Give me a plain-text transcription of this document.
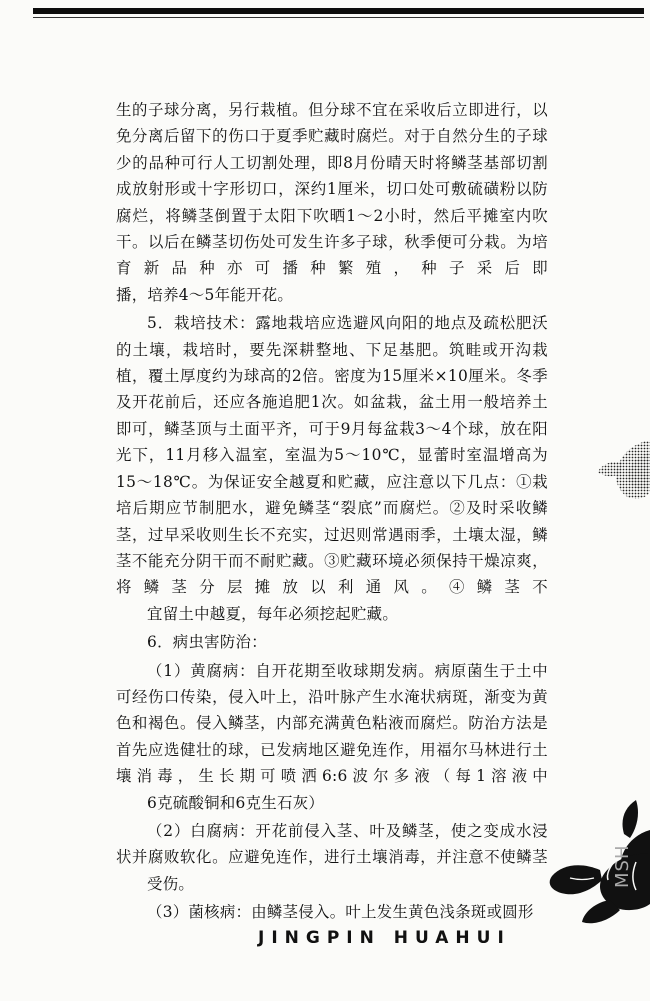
生的子球分离，另行栽植。但分球不宜在采收后立即进行，以免分离后留下的伤口于夏季贮藏时腐烂。对于自然分生的子球少的品种可行人工切割处理，即8月份晴天时将鳞茎基部切割成放射形或十字形切口，深约1厘米，切口处可敷硫磺粉以防腐烂，将鳞茎倒置于太阳下吹晒1～2小时，然后平摊室内吹干。以后在鳞茎切伤处可发生许多子球，秋季便可分栽。为培育新品种亦可播种繁殖，种子采后即
播，培养4～5年能开花。

5．栽培技术：露地栽培应选避风向阳的地点及疏松肥沃的土壤，栽培时，要先深耕整地、下足基肥。筑畦或开沟栽植，覆土厚度约为球高的2倍。密度为15厘米×10厘米。冬季及开花前后，还应各施追肥1次。如盆栽，盆土用一般培养土即可，鳞茎顶与土面平齐，可于9月每盆栽3～4个球，放在阳光下，11月移入温室，室温为5～10℃，显蕾时室温增高为15～18℃。为保证安全越夏和贮藏，应注意以下几点：①栽培后期应节制肥水，避免鳞茎“裂底”而腐烂。②及时采收鳞茎，过早采收则生长不充实，过迟则常遇雨季，土壤太湿，鳞茎不能充分阴干而不耐贮藏。③贮藏环境必须保持干燥凉爽，将鳞茎分层摊放以利通风。④鳞茎不
宜留土中越夏，每年必须挖起贮藏。

6．病虫害防治：

（1）黄腐病：自开花期至收球期发病。病原菌生于土中可经伤口传染，侵入叶上，沿叶脉产生水淹状病斑，渐变为黄色和褐色。侵入鳞茎，内部充满黄色粘液而腐烂。防治方法是首先应选健壮的球，已发病地区避免连作，用福尔马林进行土壤消毒，生长期可喷洒6:6波尔多液（每1溶液中
6克硫酸铜和6克生石灰）

（2）白腐病：开花前侵入茎、叶及鳞茎，使之变成水浸状并腐败软化。应避免连作，进行土壤消毒，并注意不使鳞茎
受伤。

（3）菌核病：由鳞茎侵入。叶上发生黄色浅条斑或圆形

JINGPIN HUAHUI
MSH
